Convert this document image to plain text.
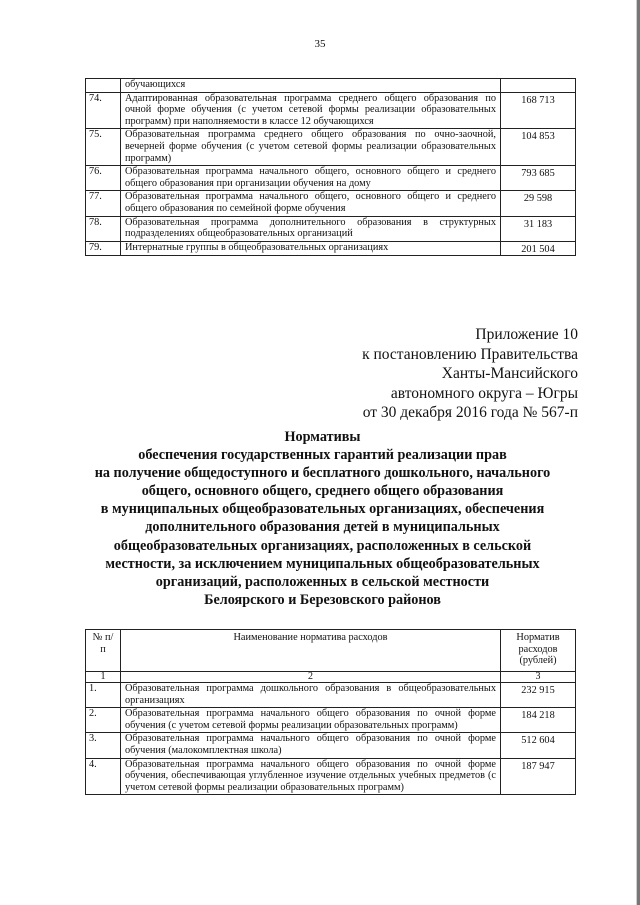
35
	обучающихся	
74.	Адаптированная образовательная программа среднего общего образования по очной форме обучения (с учетом сетевой формы реализации образовательных программ) при наполняемости в классе 12 обучающихся	168 713
75.	Образовательная программа среднего общего образования по очно-заочной, вечерней форме обучения (с учетом сетевой формы реализации образовательных программ)	104 853
76.	Образовательная программа начального общего, основного общего и среднего общего образования при организации обучения на дому	793 685
77.	Образовательная программа начального общего, основного общего и среднего общего образования по семейной форме обучения	29 598
78.	Образовательная программа дополнительного образования в структурных подразделениях общеобразовательных организаций	31 183
79.	Интернатные группы в общеобразовательных организациях	201 504
Приложение 10
к постановлению Правительства
Ханты-Мансийского
автономного округа – Югры
от 30 декабря 2016 года № 567-п
Нормативы
обеспечения государственных гарантий реализации прав
на получение общедоступного и бесплатного дошкольного, начального
общего, основного общего, среднего общего образования
в муниципальных общеобразовательных организациях, обеспечения
дополнительного образования детей в муниципальных
общеобразовательных организациях, расположенных в сельской
местности, за исключением муниципальных общеобразовательных
организаций, расположенных в сельской местности
Белоярского и Березовского районов
№ п/п	Наименование норматива расходов	Норматив расходов (рублей)
1	2	3
1.	Образовательная программа дошкольного образования в общеобразовательных организациях	232 915
2.	Образовательная программа начального общего образования по очной форме обучения (с учетом сетевой формы реализации образовательных программ)	184 218
3.	Образовательная программа начального общего образования по очной форме обучения (малокомплектная школа)	512 604
4.	Образовательная программа начального общего образования по очной форме обучения, обеспечивающая углубленное изучение отдельных учебных предметов (с учетом сетевой формы реализации образовательных программ)	187 947
